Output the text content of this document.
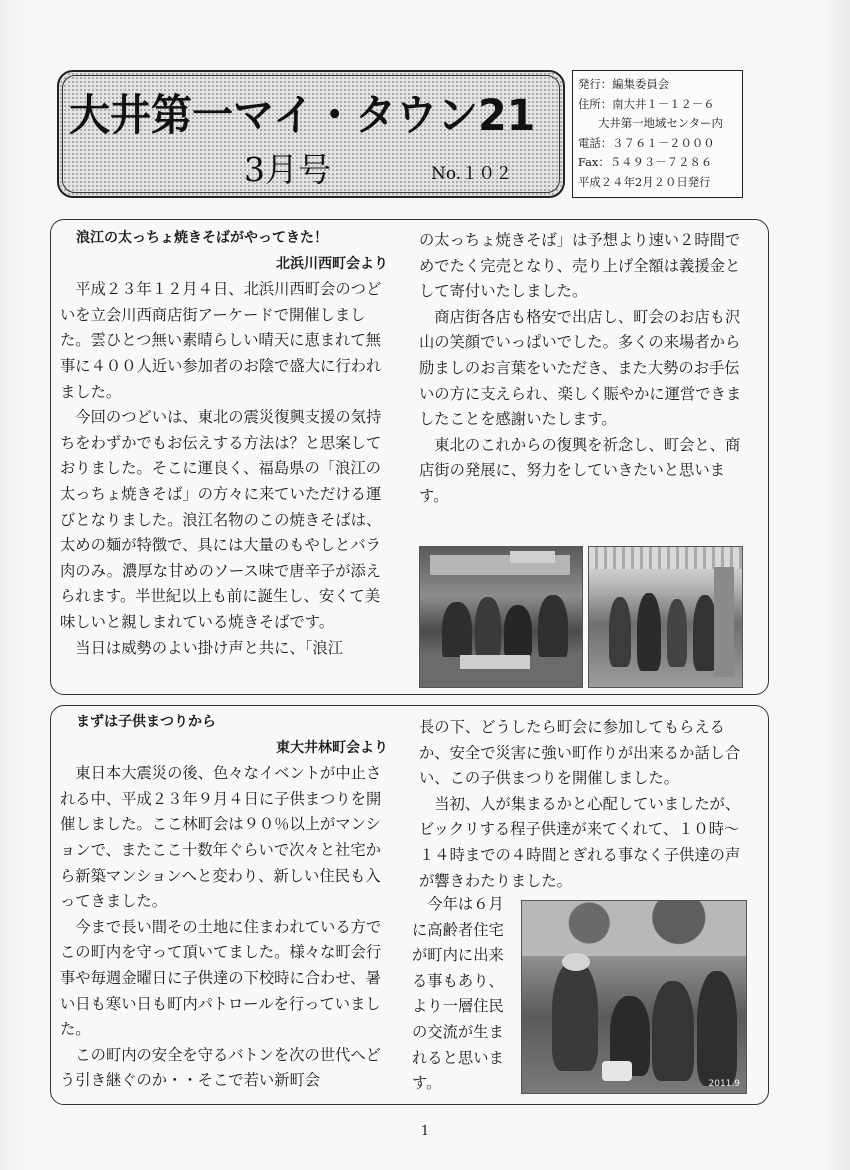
大井第一マイ・タウン21
3月号	No.１０２
発行：編集委員会
住所：南大井１－１２－６
大井第一地域センター内
電話：３７６１－２０００
Fax：５４９３－７２８６
平成２４年2月２０日発行
浪江の太っちょ焼きそばがやってきた！
北浜川西町会より

平成２３年１２月４日、北浜川西町会のつどいを立会川西商店街アーケードで開催しました。雲ひとつ無い素晴らしい晴天に恵まれて無事に４００人近い参加者のお陰で盛大に行われました。

今回のつどいは、東北の震災復興支援の気持ちをわずかでもお伝えする方法は？と思案しておりました。そこに運良く、福島県の「浪江の太っちょ焼きそば」の方々に来ていただける運びとなりました。浪江名物のこの焼きそばは、太めの麺が特徴で、具には大量のもやしとバラ肉のみ。濃厚な甘めのソース味で唐辛子が添えられます。半世紀以上も前に誕生し、安くて美味しいと親しまれている焼きそばです。

当日は威勢のよい掛け声と共に、「浪江

の太っちょ焼きそば」は予想より速い２時間でめでたく完売となり、売り上げ全額は義援金として寄付いたしました。

商店街各店も格安で出店し、町会のお店も沢山の笑顔でいっぱいでした。多くの来場者から励ましのお言葉をいただき、また大勢のお手伝いの方に支えられ、楽しく賑やかに運営できましたことを感謝いたします。

東北のこれからの復興を祈念し、町会と、商店街の発展に、努力をしていきたいと思います。

まずは子供まつりから
東大井林町会より

東日本大震災の後、色々なイベントが中止される中、平成２３年９月４日に子供まつりを開催しました。ここ林町会は９０％以上がマンションで、またここ十数年ぐらいで次々と社宅から新築マンションへと変わり、新しい住民も入ってきました。

今まで長い間その土地に住まわれている方でこの町内を守って頂いてました。様々な町会行事や毎週金曜日に子供達の下校時に合わせ、暑い日も寒い日も町内パトロールを行っていました。

この町内の安全を守るバトンを次の世代へどう引き継ぐのか・・そこで若い新町会

長の下、どうしたら町会に参加してもらえるか、安全で災害に強い町作りが出来るか話し合い、この子供まつりを開催しました。

当初、人が集まるかと心配していましたが、ビックリする程子供達が来てくれて、１０時～１４時までの４時間とぎれる事なく子供達の声が響きわたりました。

今年は６月に高齢者住宅が町内に出来る事もあり、より一層住民の交流が生まれると思います。	2011.9
1
